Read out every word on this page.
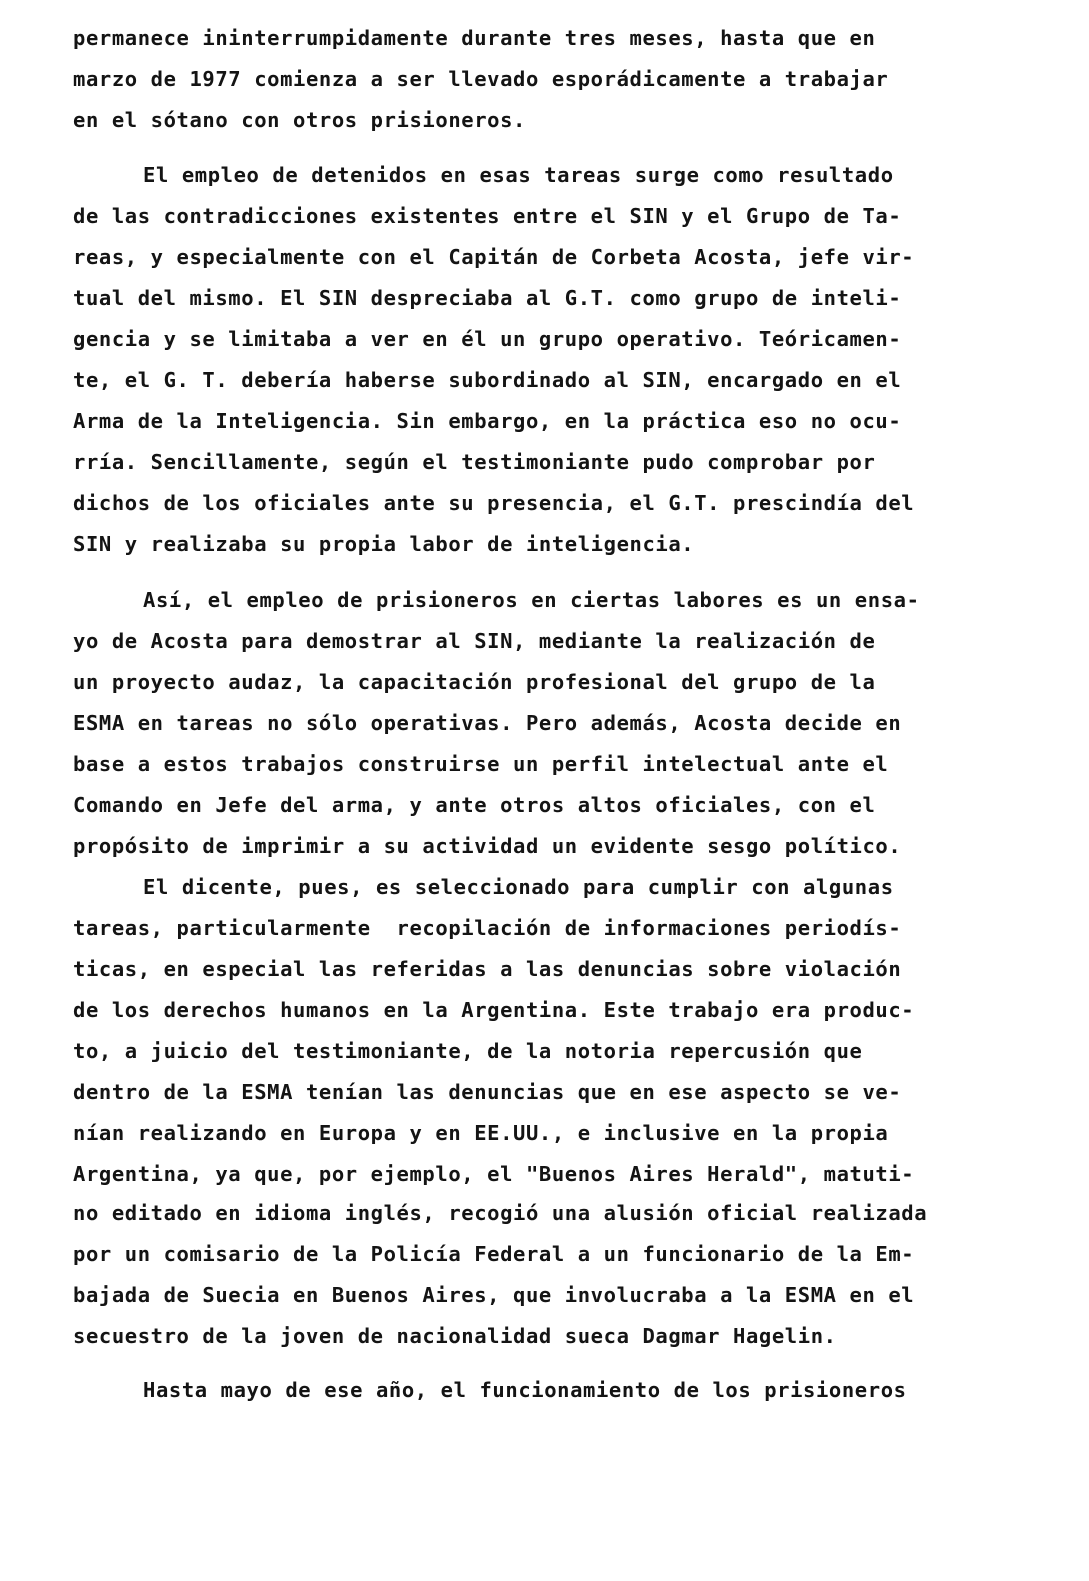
permanece ininterrumpidamente durante tres meses, hasta que en

marzo de 1977 comienza a ser llevado esporádicamente a trabajar

en el sótano con otros prisioneros.

El empleo de detenidos en esas tareas surge como resultado

de las contradicciones existentes entre el SIN y el Grupo de Ta-

reas, y especialmente con el Capitán de Corbeta Acosta, jefe vir-

tual del mismo. El SIN despreciaba al G.T. como grupo de inteli-

gencia y se limitaba a ver en él un grupo operativo. Teóricamen-

te, el G. T. debería haberse subordinado al SIN, encargado en el

Arma de la Inteligencia. Sin embargo, en la práctica eso no ocu-

rría. Sencillamente, según el testimoniante pudo comprobar por

dichos de los oficiales ante su presencia, el G.T. prescindía del

SIN y realizaba su propia labor de inteligencia.

Así, el empleo de prisioneros en ciertas labores es un ensa-

yo de Acosta para demostrar al SIN, mediante la realización de

un proyecto audaz, la capacitación profesional del grupo de la

ESMA en tareas no sólo operativas. Pero además, Acosta decide en

base a estos trabajos construirse un perfil intelectual ante el

Comando en Jefe del arma, y ante otros altos oficiales, con el

propósito de imprimir a su actividad un evidente sesgo político.

El dicente, pues, es seleccionado para cumplir con algunas

tareas, particularmente  recopilación de informaciones periodís-

ticas, en especial las referidas a las denuncias sobre violación

de los derechos humanos en la Argentina. Este trabajo era produc-

to, a juicio del testimoniante, de la notoria repercusión que

dentro de la ESMA tenían las denuncias que en ese aspecto se ve-

nían realizando en Europa y en EE.UU., e inclusive en la propia

Argentina, ya que, por ejemplo, el "Buenos Aires Herald", matuti-

no editado en idioma inglés, recogió una alusión oficial realizada

por un comisario de la Policía Federal a un funcionario de la Em-

bajada de Suecia en Buenos Aires, que involucraba a la ESMA en el

secuestro de la joven de nacionalidad sueca Dagmar Hagelin.

Hasta mayo de ese año, el funcionamiento de los prisioneros
